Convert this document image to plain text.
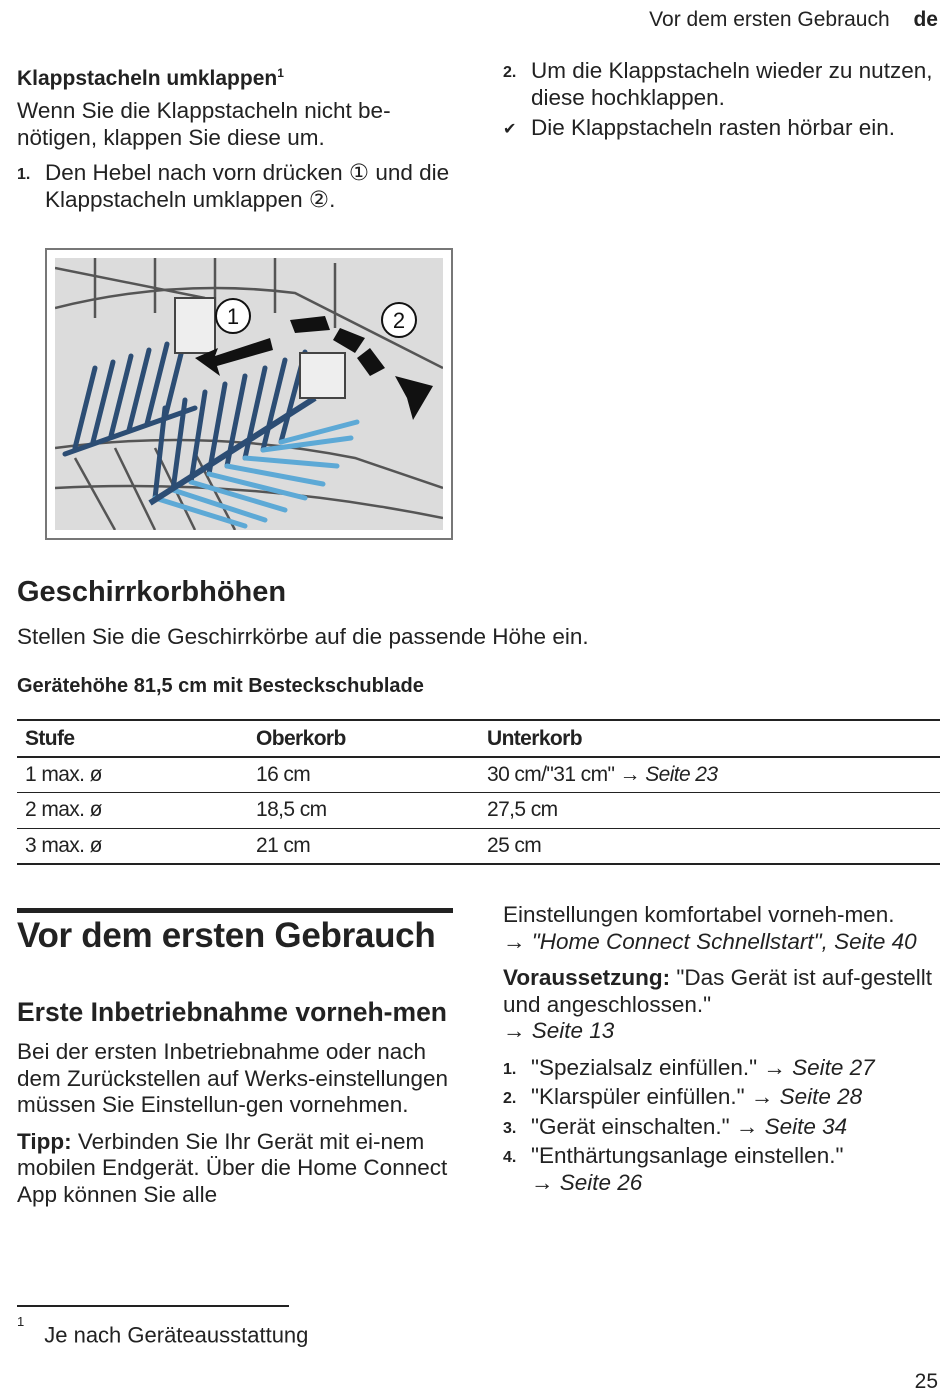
Vor dem ersten Gebrauch de
Klappstacheln umklappen$^1$
Wenn Sie die Klappstacheln nicht be-nötigen, klappen Sie diese um.
1. Den Hebel nach vorn drücken ① und die Klappstacheln umklappen ②.
1	2
2. Um die Klappstacheln wieder zu nutzen, diese hochklappen.
✔ Die Klappstacheln rasten hörbar ein.
Geschirrkorbhöhen
Stellen Sie die Geschirrkörbe auf die passende Höhe ein.
Gerätehöhe 81,5 cm mit Besteckschublade
Stufe	Oberkorb	Unterkorb
1 max. ø	16 cm	30 cm/"31 cm" → Seite 23
2 max. ø	18,5 cm	27,5 cm
3 max. ø	21 cm	25 cm
Vor dem ersten Gebrauch
Erste Inbetriebnahme vorneh-men
Bei der ersten Inbetriebnahme oder nach dem Zurückstellen auf Werks-einstellungen müssen Sie Einstellun-gen vornehmen.
Tipp: Verbinden Sie Ihr Gerät mit ei-nem mobilen Endgerät. Über die Home Connect App können Sie alle
Einstellungen komfortabel vorneh-men.
→ "Home Connect Schnellstart", Seite 40
Voraussetzung: "Das Gerät ist auf-gestellt und angeschlossen."
→ Seite 13
1. "Spezialsalz einfüllen." → Seite 27
2. "Klarspüler einfüllen." → Seite 28
3. "Gerät einschalten." → Seite 34
4. "Enthärtungsanlage einstellen."
→ Seite 26
$^1$Je nach Geräteausstattung
25
